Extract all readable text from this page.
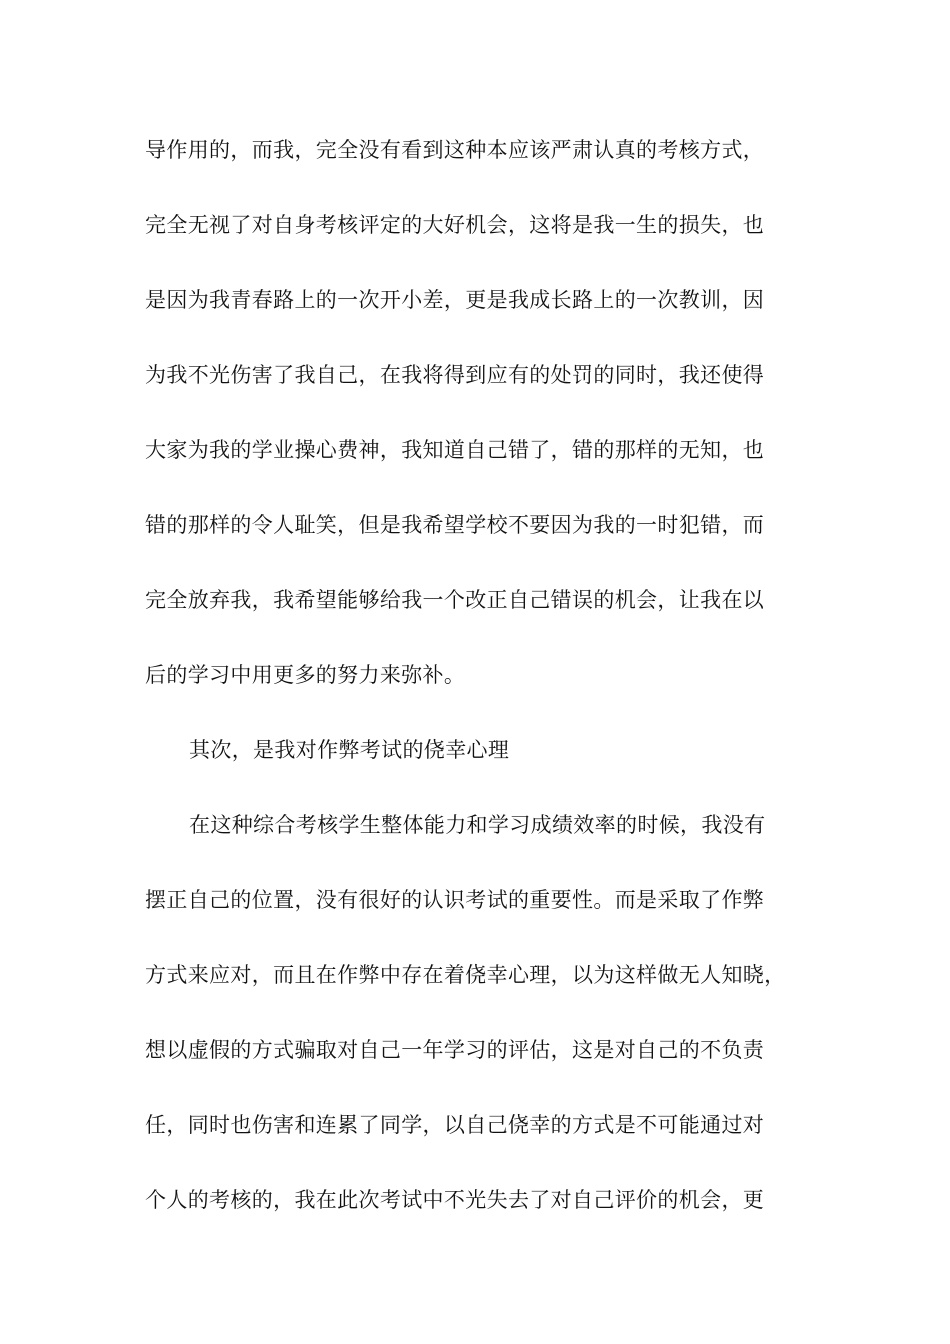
导作用的，而我，完全没有看到这种本应该严肃认真的考核方式，
完全无视了对自身考核评定的大好机会，这将是我一生的损失，也
是因为我青春路上的一次开小差，更是我成长路上的一次教训，因
为我不光伤害了我自己，在我将得到应有的处罚的同时，我还使得
大家为我的学业操心费神，我知道自己错了，错的那样的无知，也
错的那样的令人耻笑，但是我希望学校不要因为我的一时犯错，而
完全放弃我，我希望能够给我一个改正自己错误的机会，让我在以
后的学习中用更多的努力来弥补。
其次，是我对作弊考试的侥幸心理
在这种综合考核学生整体能力和学习成绩效率的时候，我没有
摆正自己的位置，没有很好的认识考试的重要性。而是采取了作弊
方式来应对，而且在作弊中存在着侥幸心理，以为这样做无人知晓，
想以虚假的方式骗取对自己一年学习的评估，这是对自己的不负责
任，同时也伤害和连累了同学，以自己侥幸的方式是不可能通过对
个人的考核的，我在此次考试中不光失去了对自己评价的机会，更
